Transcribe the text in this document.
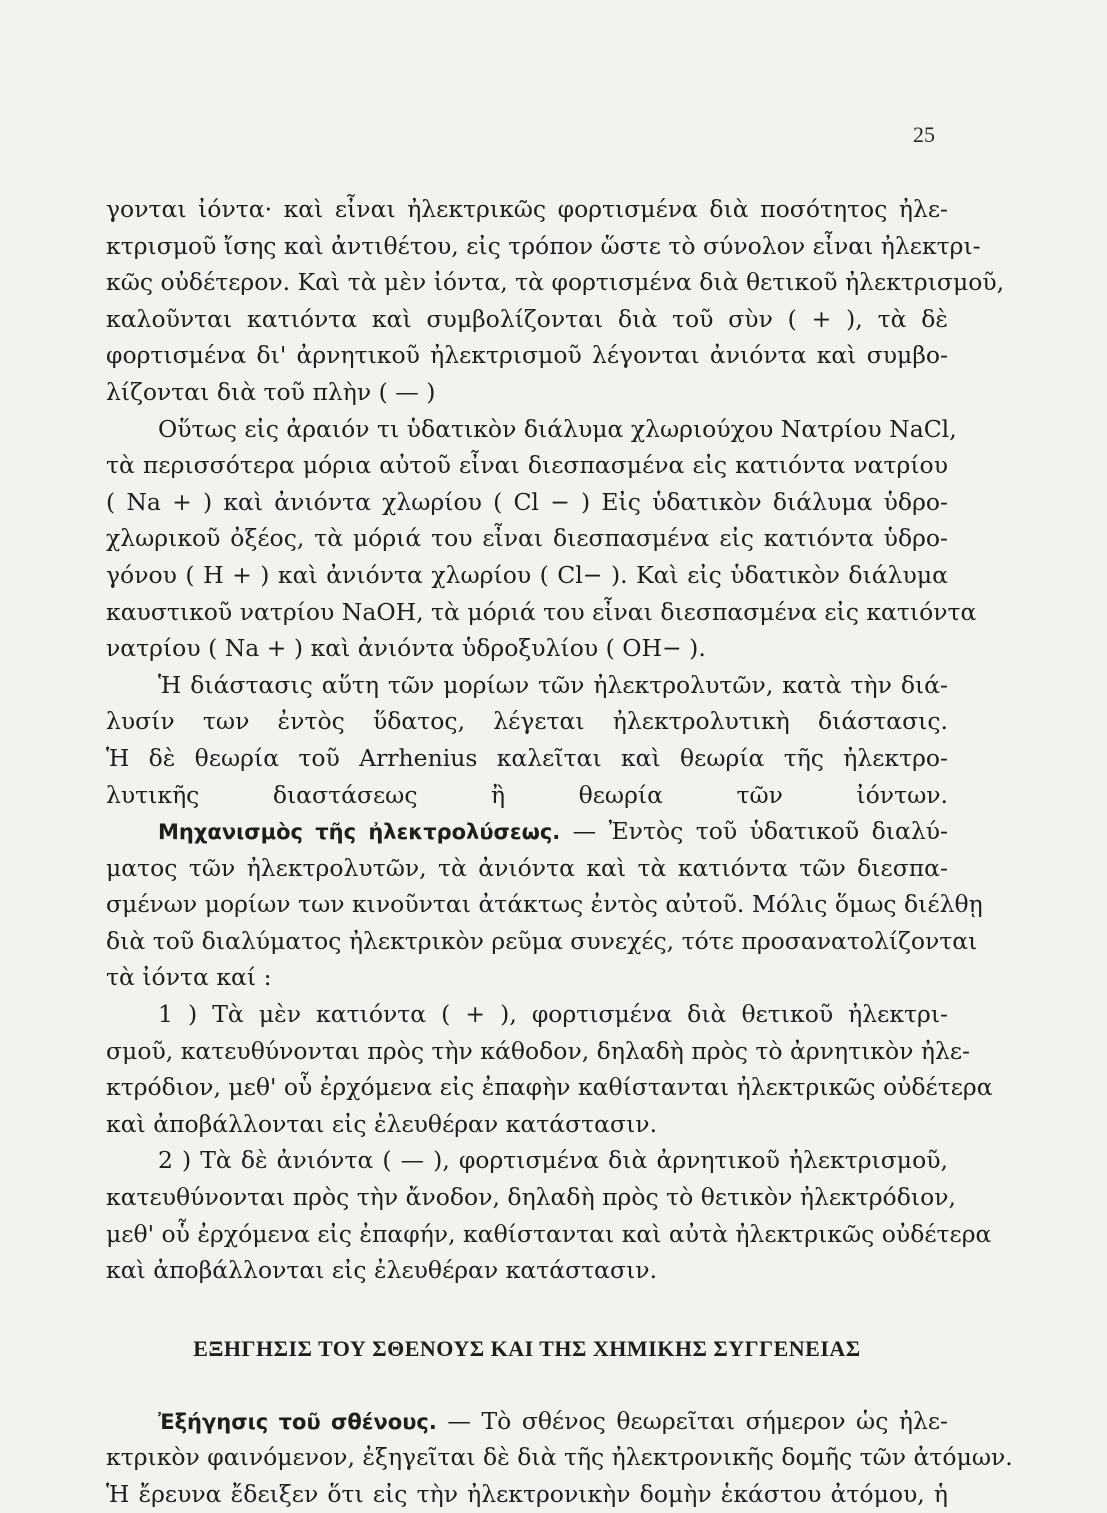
25
γονται ἰόντα· καὶ εἶναι ἠλεκτρικῶς φορτισμένα διὰ ποσότητος ἠλε-
κτρισμοῦ ἴσης καὶ ἀντιθέτου, εἰς τρόπον ὥστε τὸ σύνολον εἶναι ἠλεκτρι-
κῶς οὐδέτερον. Καὶ τὰ μὲν ἰόντα, τὰ φορτισμένα διὰ θετικοῦ ἠλεκτρισμοῦ,
καλοῦνται κατιόντα καὶ συμβολίζονται διὰ τοῦ σὺν ( + ), τὰ δὲ
φορτισμένα δι' ἀρνητικοῦ ἠλεκτρισμοῦ λέγονται ἀνιόντα καὶ συμβο-
λίζονται διὰ τοῦ πλὴν ( — )
Οὕτως εἰς ἀραιόν τι ὑδατικὸν διάλυμα χλωριούχου Νατρίου NaCl,
τὰ περισσότερα μόρια αὐτοῦ εἶναι διεσπασμένα εἰς κατιόντα νατρίου
( Na + ) καὶ ἀνιόντα χλωρίου ( Cl − ) Εἰς ὑδατικὸν διάλυμα ὑδρο-
χλωρικοῦ ὀξέος, τὰ μόριά του εἶναι διεσπασμένα εἰς κατιόντα ὑδρο-
γόνου ( H + ) καὶ ἀνιόντα χλωρίου ( Cl− ). Καὶ εἰς ὑδατικὸν διάλυμα
καυστικοῦ νατρίου NaOH, τὰ μόριά του εἶναι διεσπασμένα εἰς κατιόντα
νατρίου ( Na + ) καὶ ἀνιόντα ὑδροξυλίου ( OH− ).
Ἡ διάστασις αὕτη τῶν μορίων τῶν ἠλεκτρολυτῶν, κατὰ τὴν διά-
λυσίν των ἐντὸς ὕδατος, λέγεται ἠλεκτρολυτικὴ διάστασις.
Ἡ δὲ θεωρία τοῦ Arrhenius καλεῖται καὶ θεωρία τῆς ἠλεκτρο-
λυτικῆς διαστάσεως ἢ θεωρία τῶν ἰόντων.
Μηχανισμὸς τῆς ἠλεκτρολύσεως. — Ἐντὸς τοῦ ὑδατικοῦ διαλύ-
ματος τῶν ἠλεκτρολυτῶν, τὰ ἀνιόντα καὶ τὰ κατιόντα τῶν διεσπα-
σμένων μορίων των κινοῦνται ἀτάκτως ἐντὸς αὐτοῦ. Μόλις ὅμως διέλθῃ
διὰ τοῦ διαλύματος ἠλεκτρικὸν ρεῦμα συνεχές, τότε προσανατολίζονται
τὰ ἰόντα καί :
1 ) Τὰ μὲν κατιόντα ( + ), φορτισμένα διὰ θετικοῦ ἠλεκτρι-
σμοῦ, κατευθύνονται πρὸς τὴν κάθοδον, δηλαδὴ πρὸς τὸ ἀρνητικὸν ἠλε-
κτρόδιον, μεθ' οὗ ἐρχόμενα εἰς ἐπαφὴν καθίστανται ἠλεκτρικῶς οὐδέτερα
καὶ ἀποβάλλονται εἰς ἐλευθέραν κατάστασιν.
2 ) Τὰ δὲ ἀνιόντα ( — ), φορτισμένα διὰ ἀρνητικοῦ ἠλεκτρισμοῦ,
κατευθύνονται πρὸς τὴν ἄνοδον, δηλαδὴ πρὸς τὸ θετικὸν ἠλεκτρόδιον,
μεθ' οὗ ἐρχόμενα εἰς ἐπαφήν, καθίστανται καὶ αὐτὰ ἠλεκτρικῶς οὐδέτερα
καὶ ἀποβάλλονται εἰς ἐλευθέραν κατάστασιν.
ΕΞΗΓΗΣΙΣ ΤΟΥ ΣΘΕΝΟΥΣ ΚΑΙ ΤΗΣ ΧΗΜΙΚΗΣ ΣΥΓΓΕΝΕΙΑΣ
Ἐξήγησις τοῦ σθένους. — Τὸ σθένος θεωρεῖται σήμερον ὡς ἠλε-
κτρικὸν φαινόμενον, ἐξηγεῖται δὲ διὰ τῆς ἠλεκτρονικῆς δομῆς τῶν ἀτόμων.
Ἡ ἔρευνα ἔδειξεν ὅτι εἰς τὴν ἠλεκτρονικὴν δομὴν ἑκάστου ἀτόμου, ἡ
